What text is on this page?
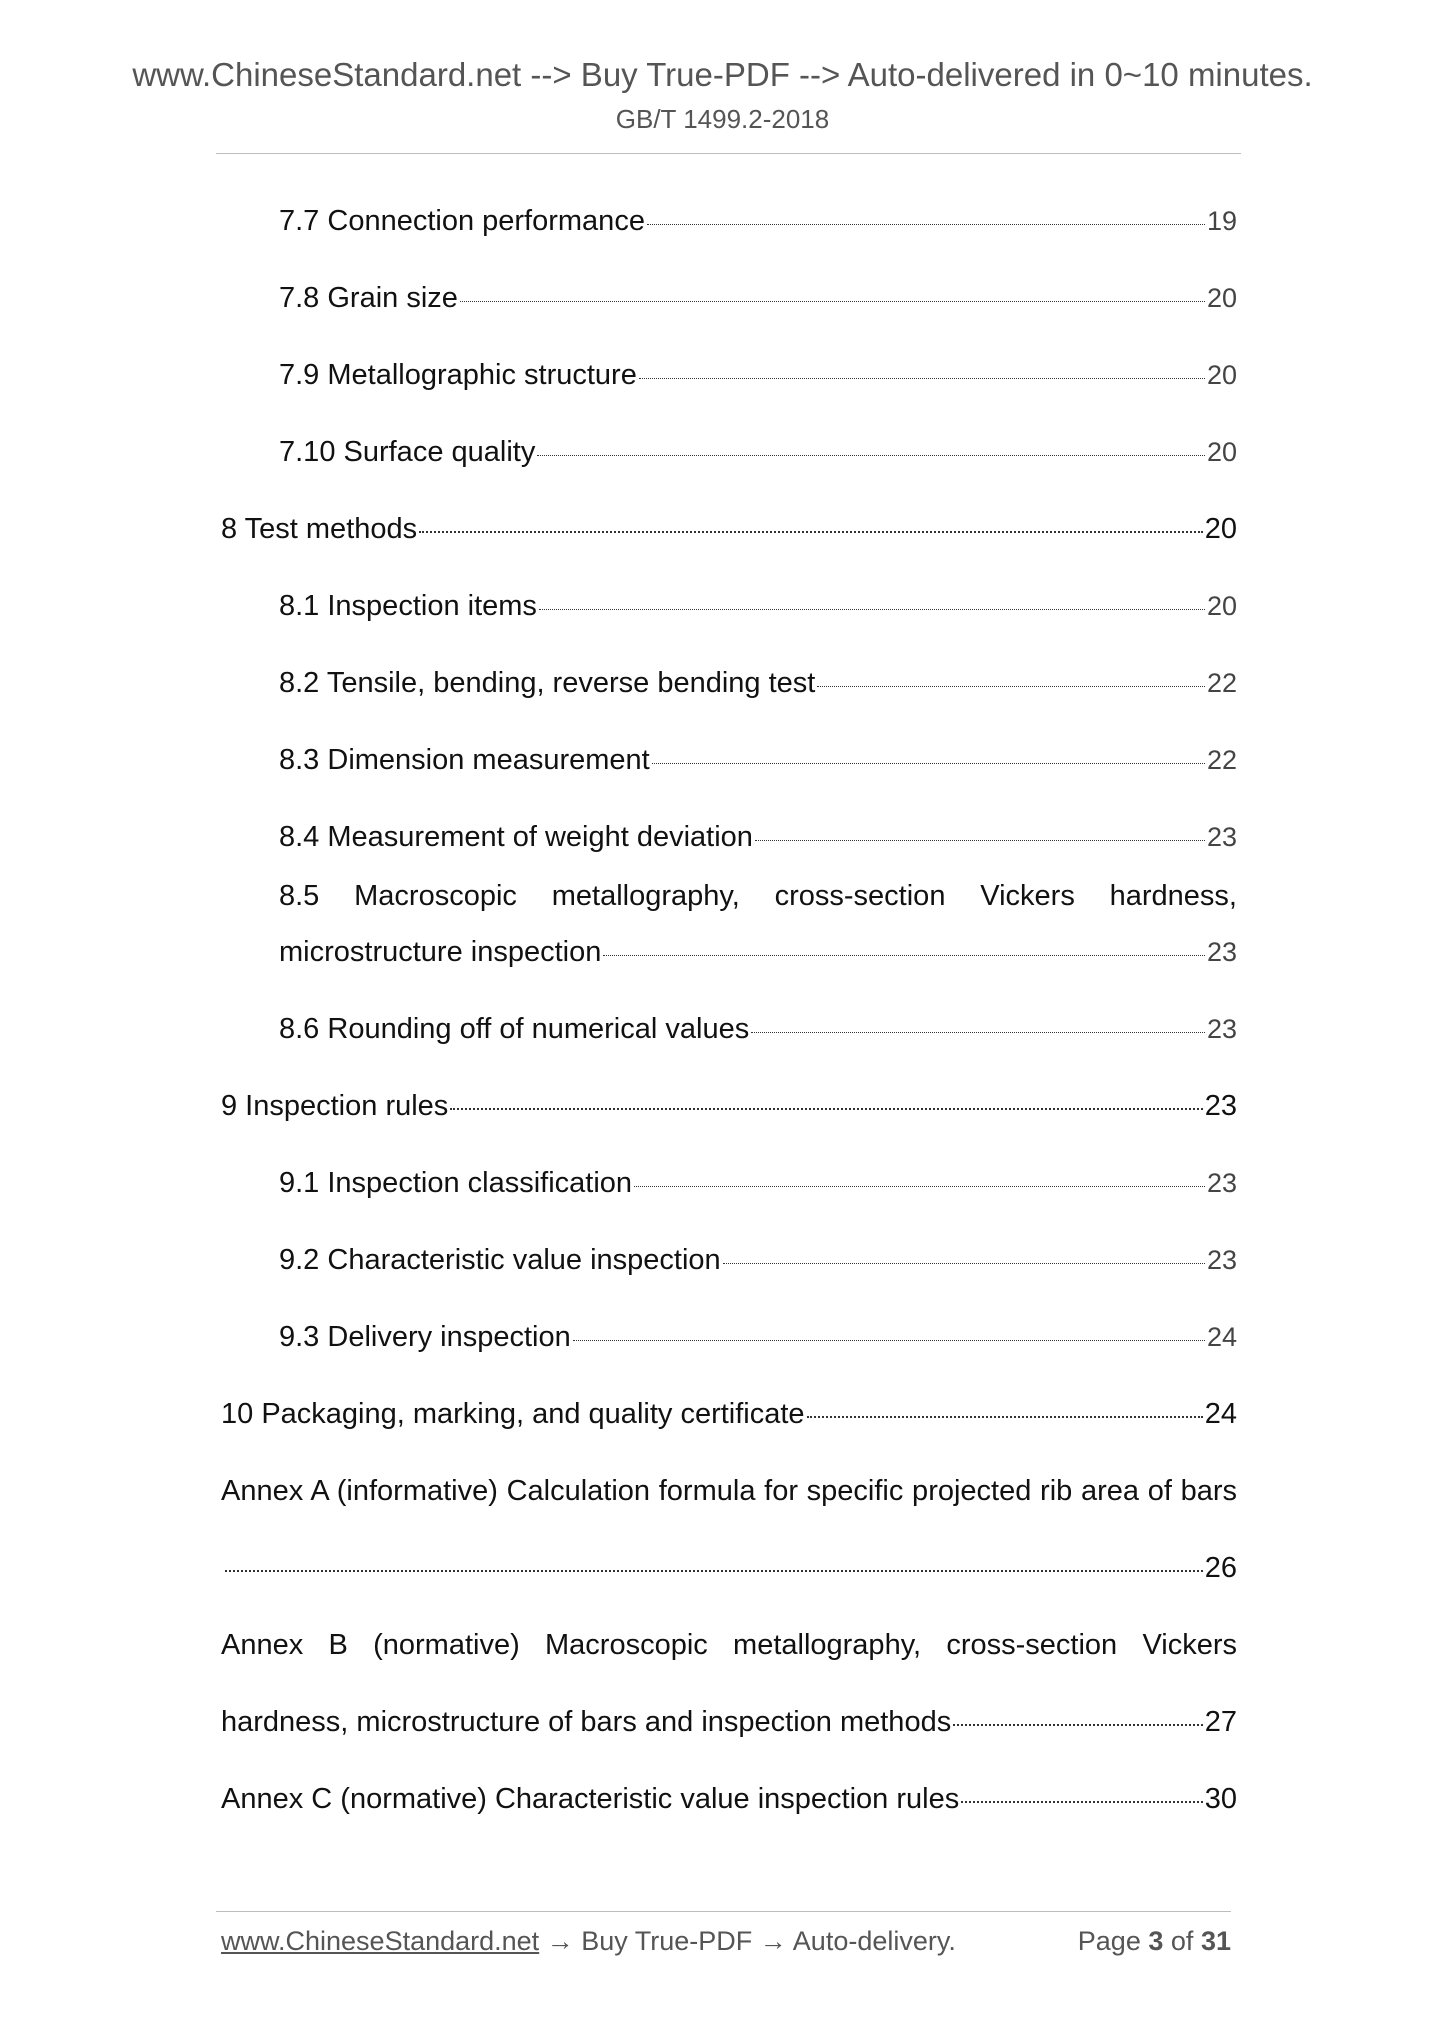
www.ChineseStandard.net --> Buy True-PDF --> Auto-delivered in 0~10 minutes.
GB/T 1499.2-2018
7.7 Connection performance	19
7.8 Grain size	20
7.9 Metallographic structure	20
7.10 Surface quality	20
8 Test methods	20
8.1 Inspection items	20
8.2 Tensile, bending, reverse bending test	22
8.3 Dimension measurement	22
8.4 Measurement of weight deviation	23
8.5 Macroscopic metallography, cross-section Vickers hardness,
microstructure inspection	23
8.6 Rounding off of numerical values	23
9 Inspection rules	23
9.1 Inspection classification	23
9.2 Characteristic value inspection	23
9.3 Delivery inspection	24
10 Packaging, marking, and quality certificate	24
Annex A (informative) Calculation formula for specific projected rib area of bars
26
Annex B (normative) Macroscopic metallography, cross-section Vickers
hardness, microstructure of bars and inspection methods	27
Annex C (normative) Characteristic value inspection rules	30
www.ChineseStandard.net → Buy True-PDF → Auto-delivery.	Page 3 of 31
